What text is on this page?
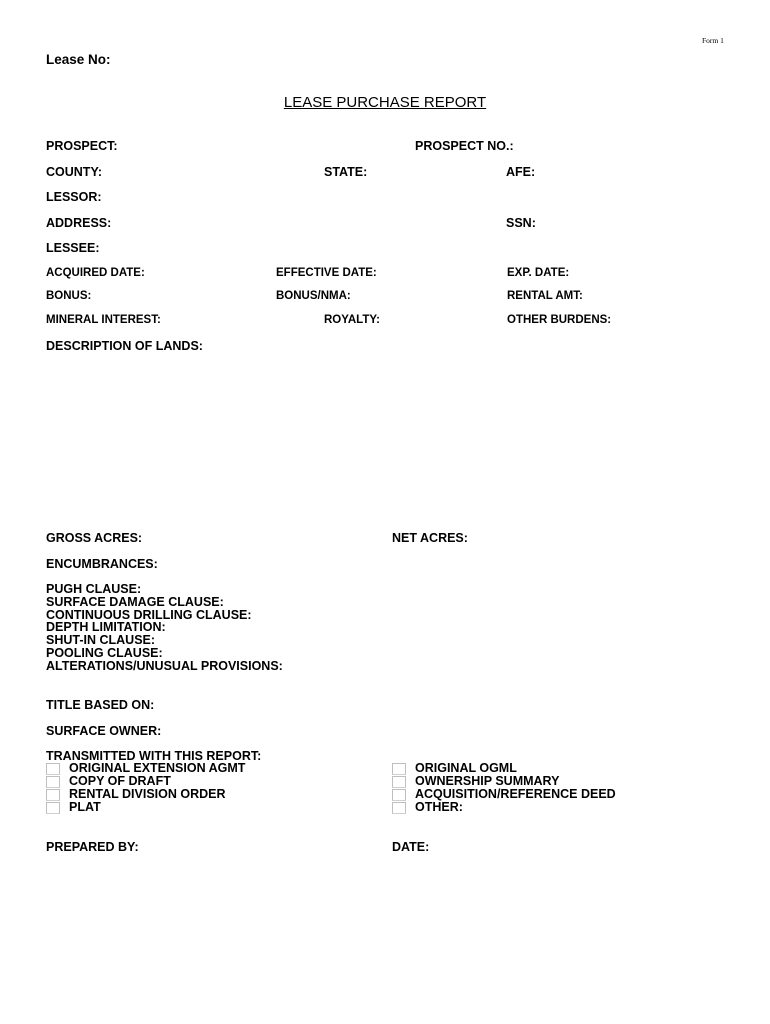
Form 1
Lease No:
LEASE PURCHASE REPORT
PROSPECT:	PROSPECT NO.:
COUNTY:	STATE:	AFE:
LESSOR:
ADDRESS:	SSN:
LESSEE:
ACQUIRED DATE:	EFFECTIVE DATE:	EXP. DATE:
BONUS:	BONUS/NMA:	RENTAL AMT:
MINERAL INTEREST:	ROYALTY:	OTHER BURDENS:
DESCRIPTION OF LANDS:
GROSS ACRES:	NET ACRES:
ENCUMBRANCES:
PUGH CLAUSE:
SURFACE DAMAGE CLAUSE:
CONTINUOUS DRILLING CLAUSE:
DEPTH LIMITATION:
SHUT-IN CLAUSE:
POOLING CLAUSE:
ALTERATIONS/UNUSUAL PROVISIONS:
TITLE BASED ON:
SURFACE OWNER:
TRANSMITTED WITH THIS REPORT:
ORIGINAL EXTENSION AGMT
COPY OF DRAFT
RENTAL DIVISION ORDER
PLAT
ORIGINAL OGML
OWNERSHIP SUMMARY
ACQUISITION/REFERENCE DEED
OTHER:
PREPARED BY:	DATE:
